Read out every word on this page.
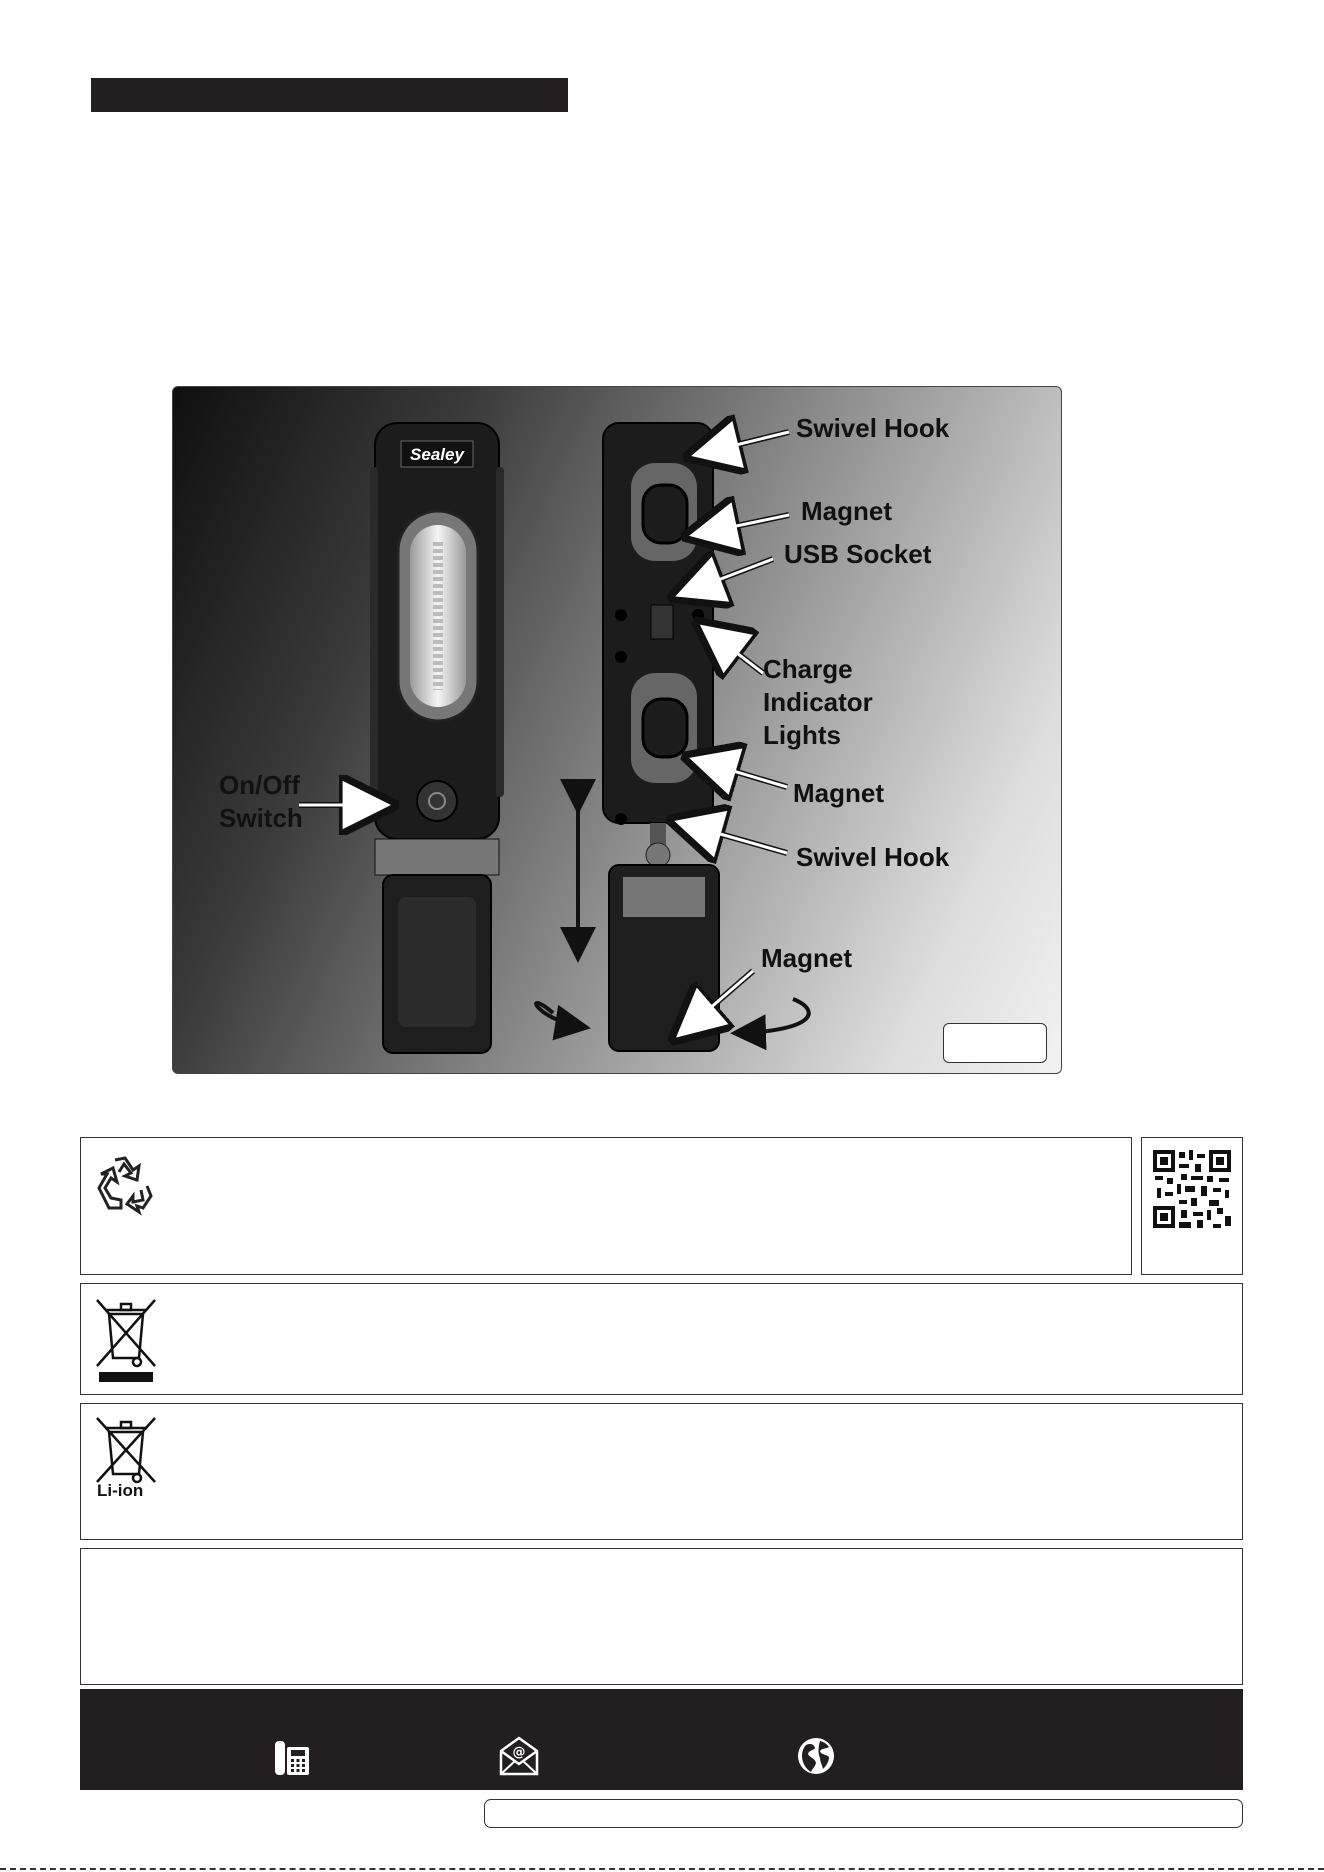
Sealey
Swivel Hook
Magnet
USB Socket
Charge
Indicator
Lights
Magnet
Swivel Hook
Magnet
On/Off
Switch
Li-ion
@
